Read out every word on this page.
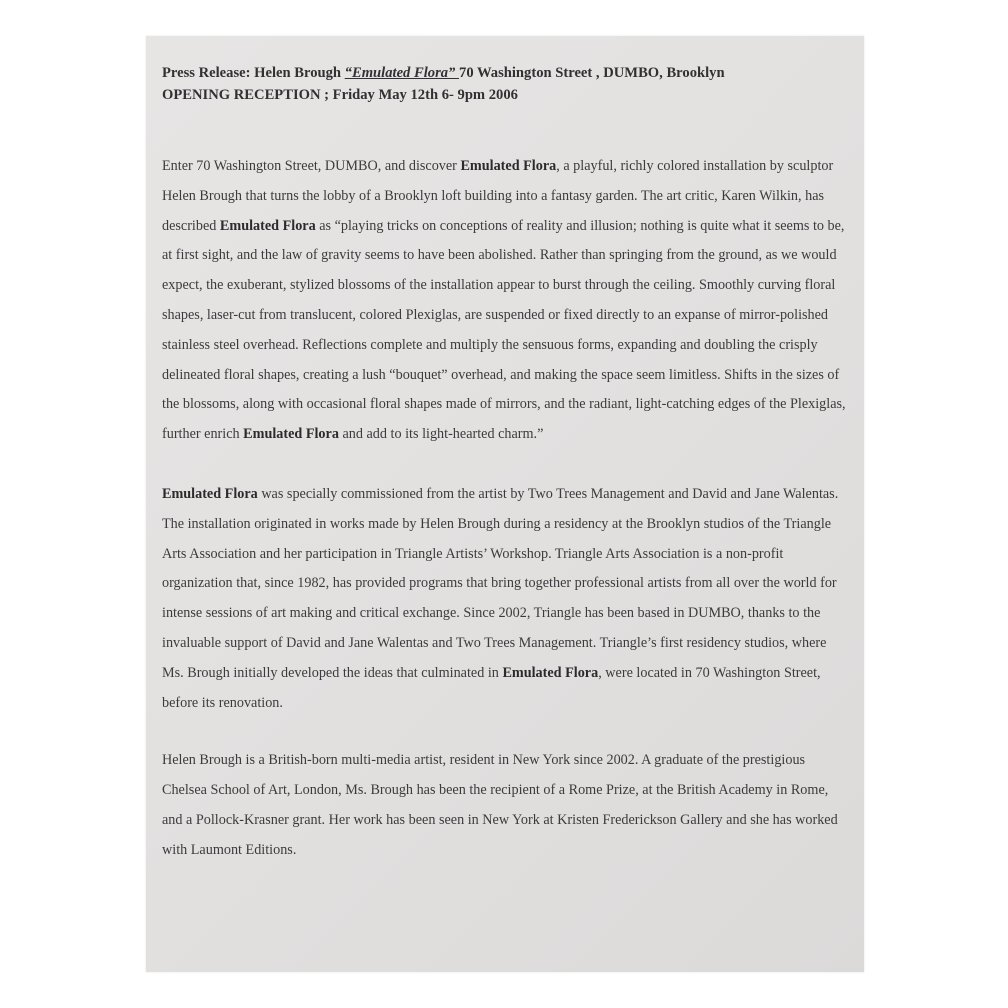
Press Release: Helen Brough “Emulated Flora” 70 Washington Street , DUMBO, Brooklyn
OPENING RECEPTION ; Friday May 12th 6- 9pm 2006

Enter 70 Washington Street, DUMBO, and discover Emulated Flora, a playful, richly colored installation by sculptor Helen Brough that turns the lobby of a Brooklyn loft building into a fantasy garden. The art critic, Karen Wilkin, has described Emulated Flora as “playing tricks on conceptions of reality and illusion; nothing is quite what it seems to be, at first sight, and the law of gravity seems to have been abolished. Rather than springing from the ground, as we would expect, the exuberant, stylized blossoms of the installation appear to burst through the ceiling. Smoothly curving floral shapes, laser-cut from translucent, colored Plexiglas, are suspended or fixed directly to an expanse of mirror-polished stainless steel overhead. Reflections complete and multiply the sensuous forms, expanding and doubling the crisply delineated floral shapes, creating a lush “bouquet” overhead, and making the space seem limitless. Shifts in the sizes of the blossoms, along with occasional floral shapes made of mirrors, and the radiant, light-catching edges of the Plexiglas, further enrich Emulated Flora and add to its light-hearted charm.”

Emulated Flora was specially commissioned from the artist by Two Trees Management and David and Jane Walentas. The installation originated in works made by Helen Brough during a residency at the Brooklyn studios of the Triangle Arts Association and her participation in Triangle Artists’ Workshop. Triangle Arts Association is a non-profit organization that, since 1982, has provided programs that bring together professional artists from all over the world for intense sessions of art making and critical exchange. Since 2002, Triangle has been based in DUMBO, thanks to the invaluable support of David and Jane Walentas and Two Trees Management. Triangle’s first residency studios, where Ms. Brough initially developed the ideas that culminated in Emulated Flora, were located in 70 Washington Street, before its renovation.

Helen Brough is a British-born multi-media artist, resident in New York since 2002. A graduate of the prestigious Chelsea School of Art, London, Ms. Brough has been the recipient of a Rome Prize, at the British Academy in Rome, and a Pollock-Krasner grant. Her work has been seen in New York at Kristen Frederickson Gallery and she has worked with Laumont Editions.
